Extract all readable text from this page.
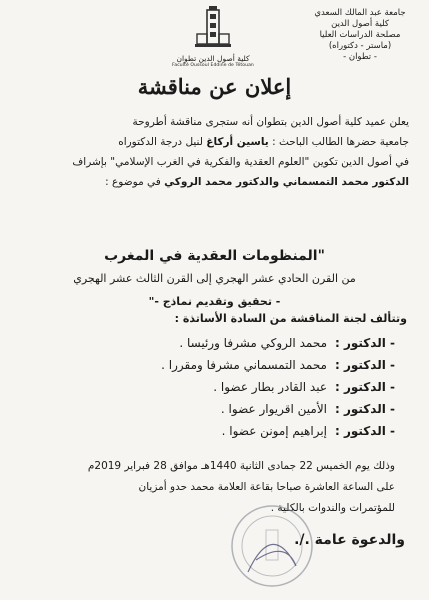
جامعة عبد المالك السعدي
كلية أصول الدين
مصلحة الدراسات العليا
(ماستر - دكتوراه)
- تطوان -
كلية أصول الدين تطوان
Faculté Oussoul Eddine de Tétouan
إعلان عن مناقشة
يعلن عميد كلية أصول الدين بتطوان أنه ستجرى مناقشة أطروحة
جامعية حضرها الطالب الباحث : ياسين أركاغ لنيل درجة الدكتوراه
في أصول الدين تكوين "العلوم العقدية والفكرية في الغرب الإسلامي" بإشراف
الدكتور محمد التمسماني والدكتور محمد الروكي في موضوع :
"المنظومات العقدية في المغرب
من القرن الحادي عشر الهجري إلى القرن الثالث عشر الهجري
- تحقيق وتقديم نماذج -"
وتتألف لجنة المناقشة من السادة الأساتذة :
- الدكتور :محمد الروكي مشرفا ورئيسا .
- الدكتور :محمد التمسماني مشرفا ومقررا .
- الدكتور :عبد القادر بطار عضوا .
- الدكتور :الأمين اقريوار عضوا .
- الدكتور :إبراهيم إمونن عضوا .
وذلك يوم الخميس 22 جمادى الثانية 1440هـ موافق 28 فبراير 2019م
على الساعة العاشرة صباحا بقاعة العلامة محمد حدو أمزيان
للمؤتمرات والندوات بالكلية .
والدعوة عامة ./.
